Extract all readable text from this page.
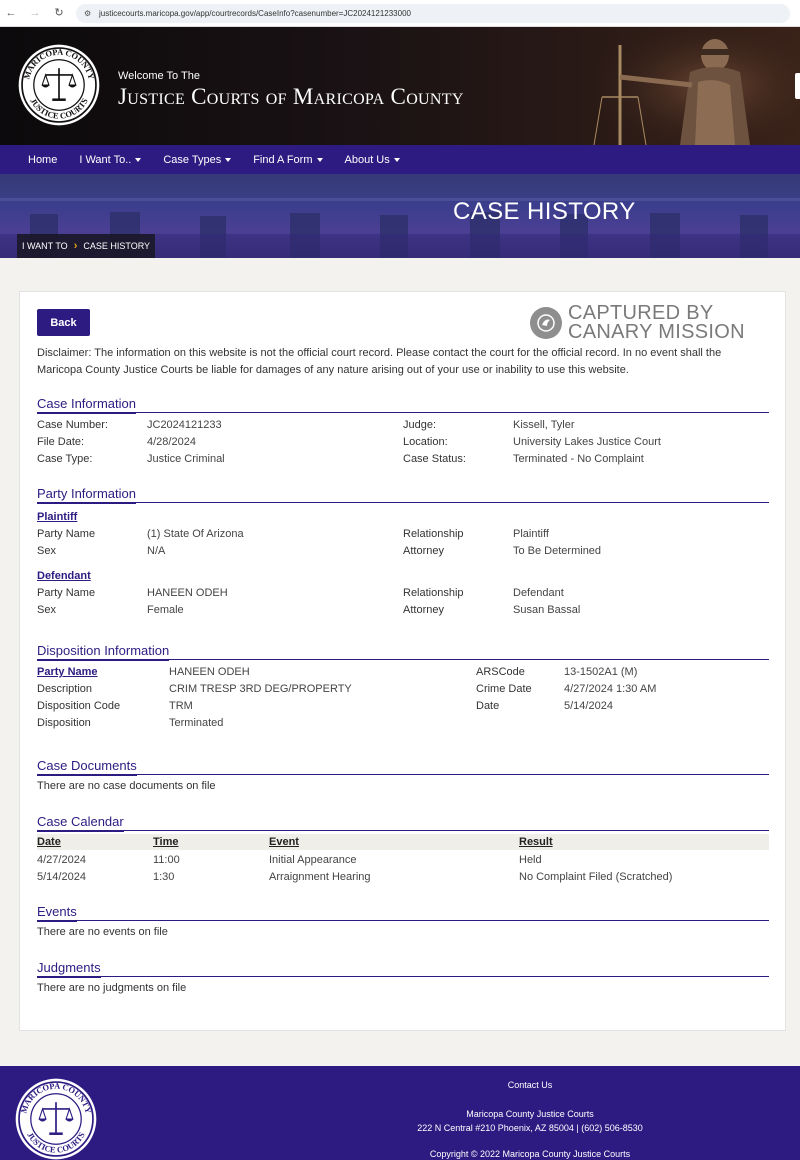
← → ↻	⚙ justicecourts.maricopa.gov/app/courtrecords/CaseInfo?casenumber=JC2024121233000
MARICOPA COUNTY
JUSTICE COURTS
Welcome To The
Justice Courts of Maricopa County
Home I Want To..	Case Types	Find A Form	About Us
CASE HISTORY
I WANT TO › CASE HISTORY
Back	CAPTURED BY
CANARY MISSION
Disclaimer: The information on this website is not the official court record. Please contact the court for the official record. In no event shall the Maricopa County Justice Courts be liable for damages of any nature arising out of your use or inability to use this website.
Case Information
Case Number:	JC2024121233
File Date:	4/28/2024
Case Type:	Justice Criminal
Judge:	Kissell, Tyler
Location:	University Lakes Justice Court
Case Status:	Terminated - No Complaint
Party Information
Plaintiff
Party Name	(1) State Of Arizona
Sex	N/A
Relationship	Plaintiff
Attorney	To Be Determined
Defendant
Party Name	HANEEN ODEH
Sex	Female
Relationship	Defendant
Attorney	Susan Bassal
Disposition Information
Party Name	HANEEN ODEH
Description	CRIM TRESP 3RD DEG/PROPERTY
Disposition Code	TRM
Disposition	Terminated
ARSCode	13-1502A1 (M)
Crime Date	4/27/2024 1:30 AM
Date	5/14/2024
Case Documents
There are no case documents on file
Case Calendar
Date	Time	Event	Result
4/27/2024	11:00	Initial Appearance	Held
5/14/2024	1:30	Arraignment Hearing	No Complaint Filed (Scratched)
Events
There are no events on file
Judgments
There are no judgments on file
MARICOPA COUNTY
JUSTICE COURTS
Contact Us
Maricopa County Justice Courts
222 N Central #210 Phoenix, AZ 85004 | (602) 506-8530
Copyright © 2022 Maricopa County Justice Courts
